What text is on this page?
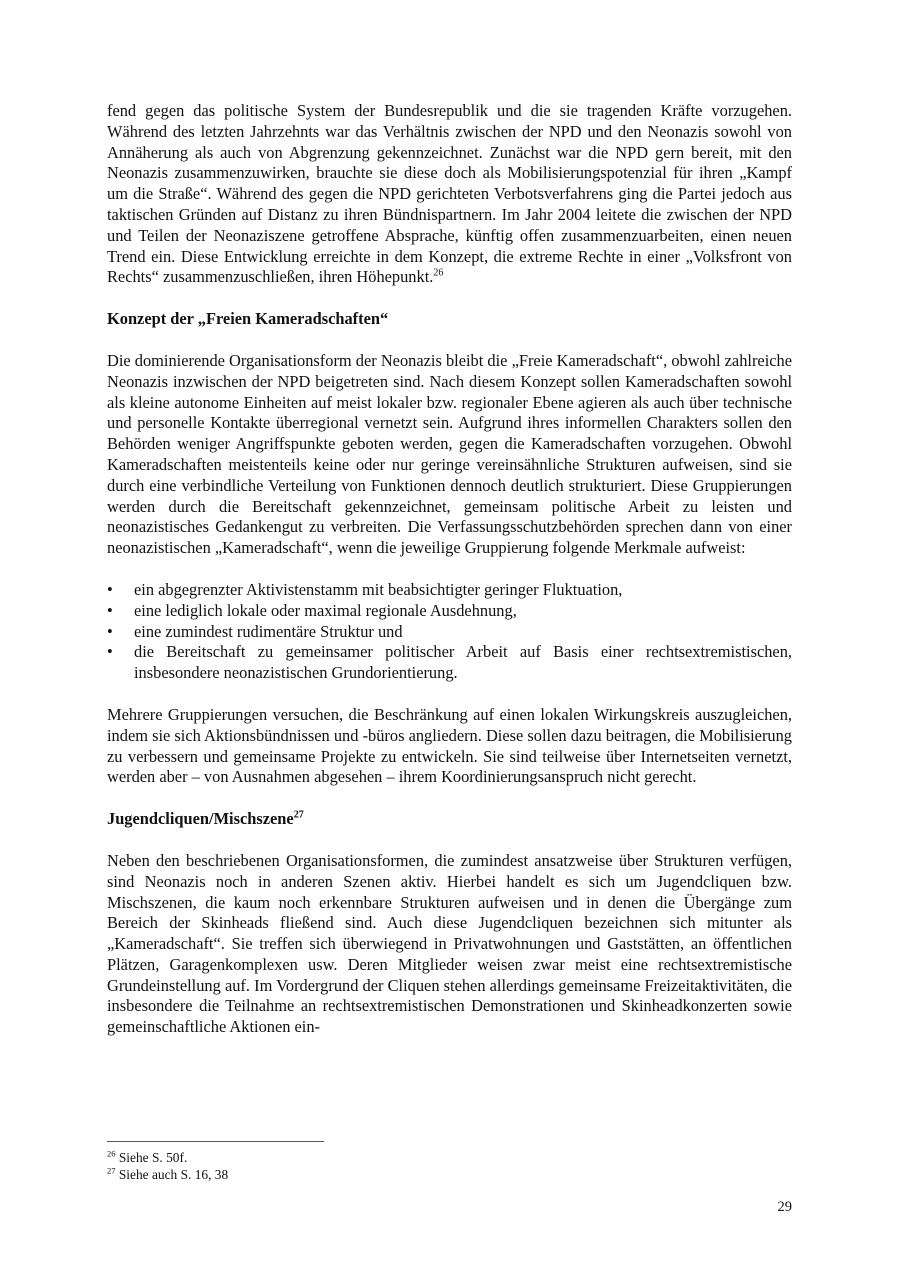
fend gegen das politische System der Bundesrepublik und die sie tragenden Kräfte vorzugehen. Während des letzten Jahrzehnts war das Verhältnis zwischen der NPD und den Neonazis sowohl von Annäherung als auch von Abgrenzung gekennzeichnet. Zunächst war die NPD gern bereit, mit den Neonazis zusammenzuwirken, brauchte sie diese doch als Mobilisierungspotenzial für ihren „Kampf um die Straße“. Während des gegen die NPD gerichteten Verbotsverfahrens ging die Partei jedoch aus taktischen Gründen auf Distanz zu ihren Bündnispartnern. Im Jahr 2004 leitete die zwischen der NPD und Teilen der Neonaziszene getroffene Absprache, künftig offen zusammenzuarbeiten, einen neuen Trend ein. Diese Entwicklung erreichte in dem Konzept, die extreme Rechte in einer „Volksfront von Rechts“ zusammenzuschließen, ihren Höhepunkt.$^{26}$

Konzept der „Freien Kameradschaften“

Die dominierende Organisationsform der Neonazis bleibt die „Freie Kameradschaft“, obwohl zahlreiche Neonazis inzwischen der NPD beigetreten sind. Nach diesem Konzept sollen Kameradschaften sowohl als kleine autonome Einheiten auf meist lokaler bzw. regionaler Ebene agieren als auch über technische und personelle Kontakte überregional vernetzt sein. Aufgrund ihres informellen Charakters sollen den Behörden weniger Angriffspunkte geboten werden, gegen die Kameradschaften vorzugehen. Obwohl Kameradschaften meistenteils keine oder nur geringe vereinsähnliche Strukturen aufweisen, sind sie durch eine verbindliche Verteilung von Funktionen dennoch deutlich strukturiert. Diese Gruppierungen werden durch die Bereitschaft gekennzeichnet, gemeinsam politische Arbeit zu leisten und neonazistisches Gedankengut zu verbreiten. Die Verfassungsschutzbehörden sprechen dann von einer neonazistischen „Kameradschaft“, wenn die jeweilige Gruppierung folgende Merkmale aufweist:

• ein abgegrenzter Aktivistenstamm mit beabsichtigter geringer Fluktuation,
• eine lediglich lokale oder maximal regionale Ausdehnung,
• eine zumindest rudimentäre Struktur und
• die Bereitschaft zu gemeinsamer politischer Arbeit auf Basis einer rechtsextremistischen, insbesondere neonazistischen Grundorientierung.

Mehrere Gruppierungen versuchen, die Beschränkung auf einen lokalen Wirkungskreis auszugleichen, indem sie sich Aktionsbündnissen und -büros angliedern. Diese sollen dazu beitragen, die Mobilisierung zu verbessern und gemeinsame Projekte zu entwickeln. Sie sind teilweise über Internetseiten vernetzt, werden aber – von Ausnahmen abgesehen – ihrem Koordinierungsanspruch nicht gerecht.

Jugendcliquen/Mischszene$^{27}$

Neben den beschriebenen Organisationsformen, die zumindest ansatzweise über Strukturen verfügen, sind Neonazis noch in anderen Szenen aktiv. Hierbei handelt es sich um Jugendcliquen bzw. Mischszenen, die kaum noch erkennbare Strukturen aufweisen und in denen die Übergänge zum Bereich der Skinheads fließend sind. Auch diese Jugendcliquen bezeichnen sich mitunter als „Kameradschaft“. Sie treffen sich überwiegend in Privatwohnungen und Gaststätten, an öffentlichen Plätzen, Garagenkomplexen usw. Deren Mitglieder weisen zwar meist eine rechtsextremistische Grundeinstellung auf. Im Vordergrund der Cliquen stehen allerdings gemeinsame Freizeitaktivitäten, die insbesondere die Teilnahme an rechtsextremistischen Demonstrationen und Skinheadkonzerten sowie gemeinschaftliche Aktionen ein-

$^{26}$ Siehe S. 50f.
$^{27}$ Siehe auch S. 16, 38
29
